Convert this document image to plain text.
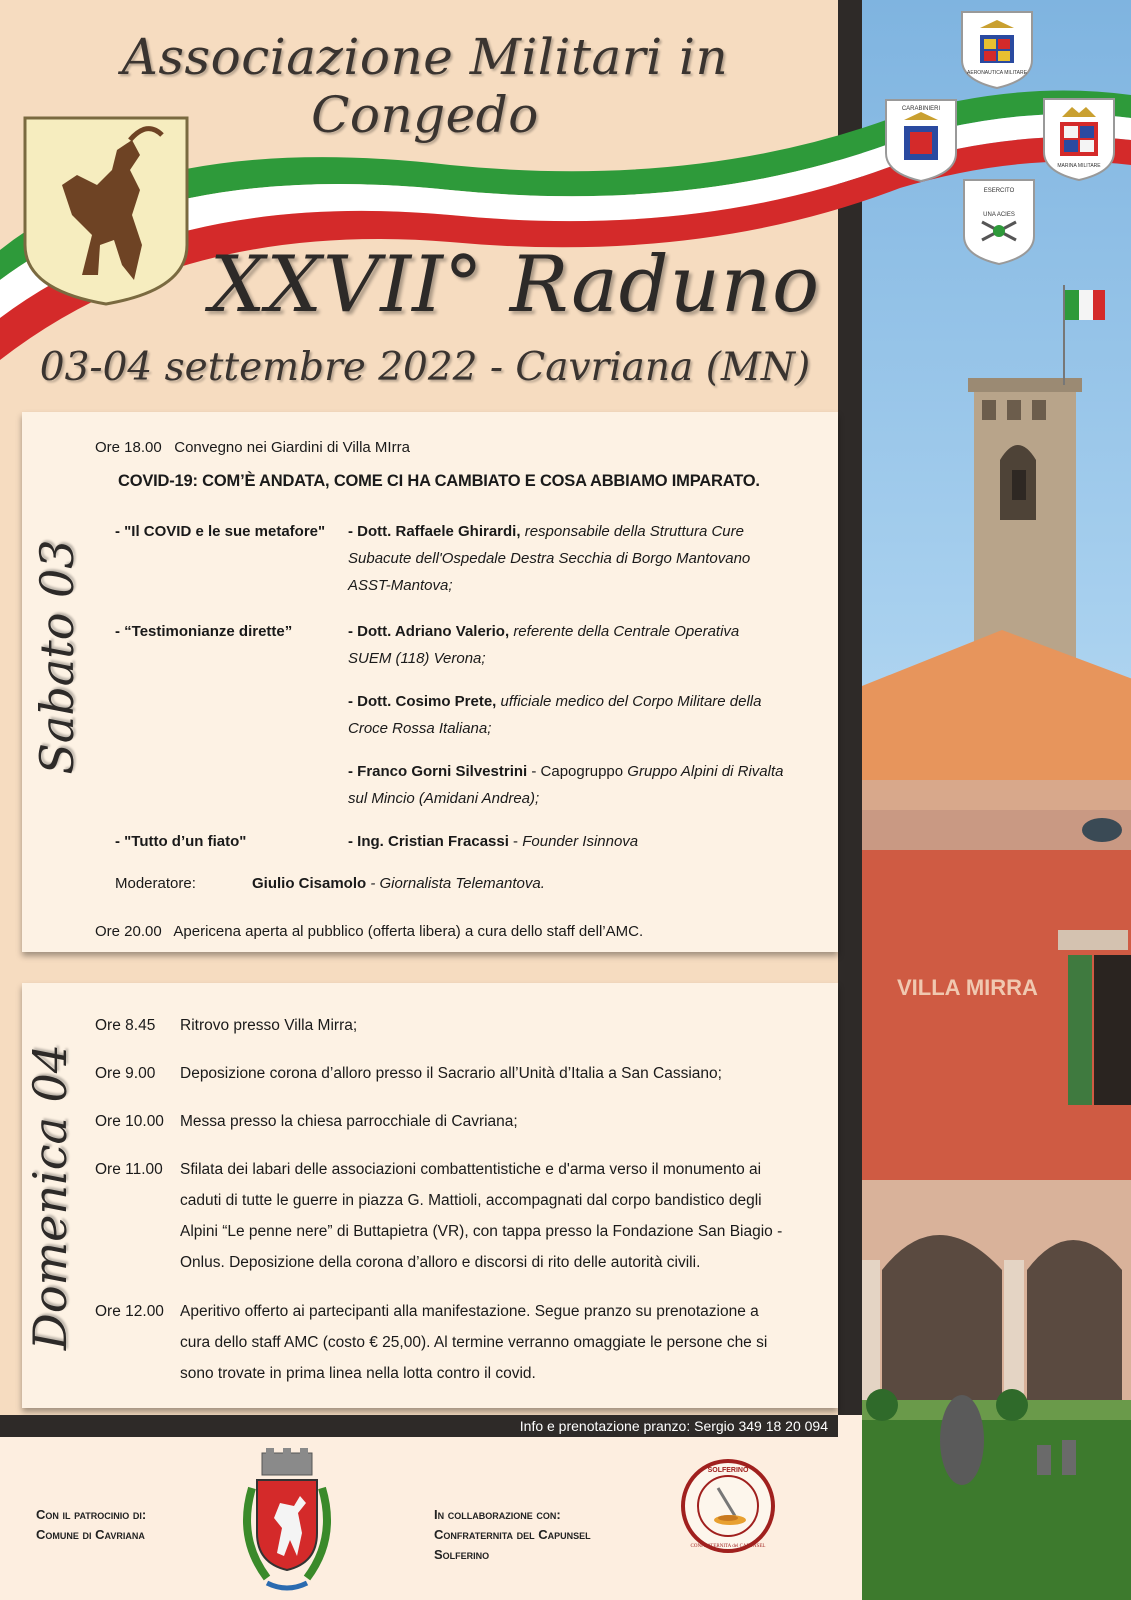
VILLA MIRRA
Associazione Militari in Congedo
XXVII° Raduno
03-04 settembre 2022 - Cavriana (MN)
AERONAUTICA MILITARE
CARABINIERI
MARINA MILITARE
ESERCITO
UNA ACIES
Sabato 03
Ore 18.00 Convegno nei Giardini di Villa MIrra
COVID-19: COM’È ANDATA, COME CI HA CAMBIATO E COSA ABBIAMO IMPARATO.
- "Il COVID e le sue metafore" - Dott. Raffaele Ghirardi, responsabile della Struttura Cure
Subacute dell'Ospedale Destra Secchia di Borgo Mantovano
ASST-Mantova;
- “Testimonianze dirette”	- Dott. Adriano Valerio, referente della Centrale Operativa
SUEM (118) Verona;
- Dott. Cosimo Prete, ufficiale medico del Corpo Militare della
Croce Rossa Italiana;
- Franco Gorni Silvestrini - Capogruppo Gruppo Alpini di Rivalta
sul Mincio (Amidani Andrea);
- "Tutto d’un fiato"	- Ing. Cristian Fracassi - Founder Isinnova
Moderatore:	Giulio Cisamolo - Giornalista Telemantova.
Ore 20.00 Apericena aperta al pubblico (offerta libera) a cura dello staff dell’AMC.
Domenica 04
Ore 8.45 Ritrovo presso Villa Mirra;
Ore 9.00 Deposizione corona d’alloro presso il Sacrario all’Unità d’Italia a San Cassiano;
Ore 10.00 Messa presso la chiesa parrocchiale di Cavriana;
Ore 11.00 Sfilata dei labari delle associazioni combattentistiche e d'arma verso il monumento ai
caduti di tutte le guerre in piazza G. Mattioli, accompagnati dal corpo bandistico degli
Alpini “Le penne nere” di Buttapietra (VR), con tappa presso la Fondazione San Biagio -
Onlus. Deposizione della corona d’alloro e discorsi di rito delle autorità civili.
Ore 12.00 Aperitivo offerto ai partecipanti alla manifestazione. Segue pranzo su prenotazione a
cura dello staff AMC (costo € 25,00). Al termine verranno omaggiate le persone che si
sono trovate in prima linea nella lotta contro il covid.
Info e prenotazione pranzo: Sergio 349 18 20 094
Con il patrocinio di:
Comune di Cavriana
In collaborazione con:
Confraternita del Capunsel
Solferino
SOLFERINO
CONFRATERNITA del CAPUNSEL
